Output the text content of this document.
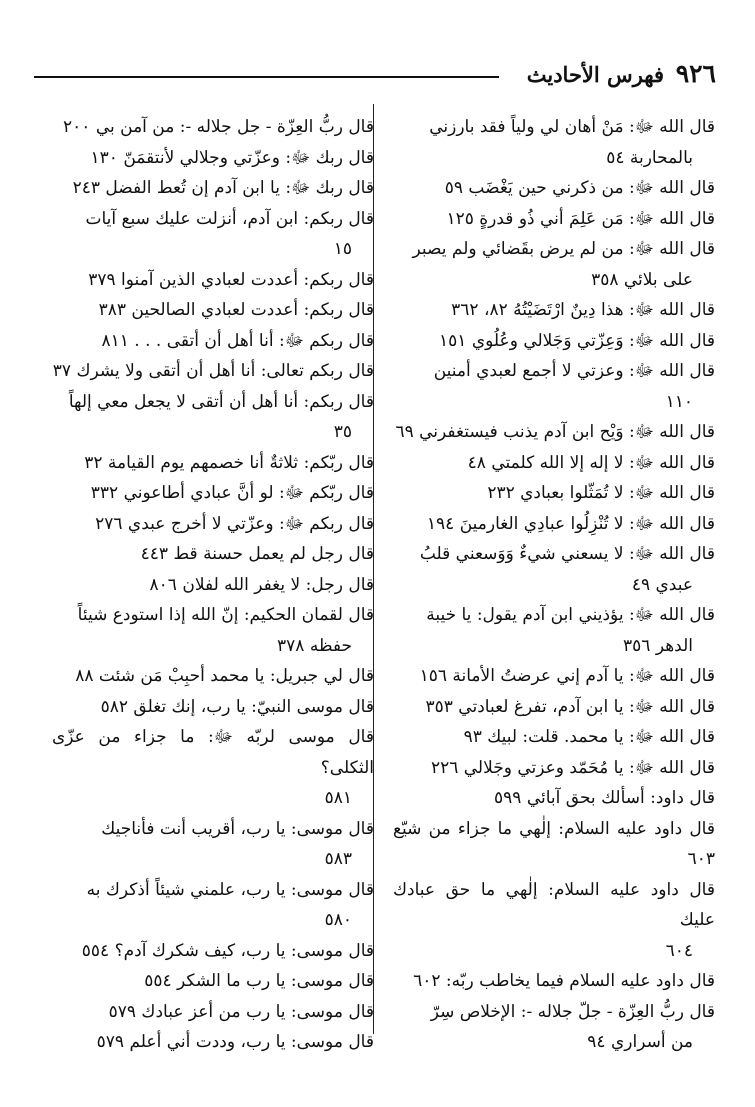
٩٢٦
فهرس الأحاديث
قال الله ﷻ: مَنْ أهان لي ولياً فقد بارزني
بالمحاربة ٥٤
قال الله ﷻ: من ذكرني حين يَغْضَب ٥٩
قال الله ﷻ: مَن عَلِمَ أني ذُو قدرةٍ ١٢٥
قال الله ﷻ: من لم يرض بقَضائي ولم يصبر
على بلائي ٣٥٨
قال الله ﷻ: هذا دِينٌ ارْتَضَيْتُهُ ٨٢، ٣٦٢
قال الله ﷻ: وَعِزّتي وَجَلالي وعُلُوي ١٥١
قال الله ﷻ: وعزتي لا أجمع لعبدي أمنين
١١٠
قال الله ﷻ: وَيْح ابن آدم يذنب فيستغفرني ٦٩
قال الله ﷻ: لا إله إلا الله كلمتي ٤٨
قال الله ﷻ: لا تُمَثّلوا بعبادي ٢٣٢
قال الله ﷻ: لا تُنْزِلُوا عبادِي الغارمينَ ١٩٤
قال الله ﷻ: لا يسعني شيءٌ وَوَسعني قلبُ
عبدي ٤٩
قال الله ﷻ: يؤذيني ابن آدم يقول: يا خيبة
الدهر ٣٥٦
قال الله ﷻ: يا آدم إني عرضتُ الأمانة ١٥٦
قال الله ﷻ: يا ابن آدم، تفرغ لعبادتي ٣٥٣
قال الله ﷻ: يا محمد. قلت: لبيك ٩٣
قال الله ﷻ: يا مُحَمّد وعزتي وجَلالي ٢٢٦
قال داود: أسألك بحق آبائي ٥٩٩
قال داود عليه السلام: إلٰهي ما جزاء من شيّع ٦٠٣
قال داود عليه السلام: إلٰهي ما حق عبادك عليك
٦٠٤
قال داود عليه السلام فيما يخاطب ربّه: ٦٠٢
قال ربُّ العِزّة - جلّ جلاله -: الإخلاص سِرّ
من أسراري ٩٤
قال ربُّ العِزّة - جل جلاله -: من آمن بي ٢٠٠
قال ربك ﷻ: وعزّتي وجلالي لأنتقمَنّ ١٣٠
قال ربك ﷻ: يا ابن آدم إن تُعط الفضل ٢٤٣
قال ربكم: ابن آدم، أنزلت عليك سبع آيات
١٥
قال ربكم: أعددت لعبادي الذين آمنوا ٣٧٩
قال ربكم: أعددت لعبادي الصالحين ٣٨٣
قال ربكم ﷻ: أنا أهل أن أتقى . . . ٨١١
قال ربكم تعالى: أنا أهل أن أتقى ولا يشرك ٣٧
قال ربكم: أنا أهل أن أتقى لا يجعل معي إلهاً
٣٥
قال ربّكم: ثلاثةٌ أنا خصمهم يوم القيامة ٣٢
قال ربّكم ﷻ: لو أنَّ عبادي أطاعوني ٣٣٢
قال ربكم ﷻ: وعزّتي لا أخرج عبدي ٢٧٦
قال رجل لم يعمل حسنة قط ٤٤٣
قال رجل: لا يغفر الله لفلان ٨٠٦
قال لقمان الحكيم: إنّ الله إذا استودع شيئاً
حفظه ٣٧٨
قال لي جبريل: يا محمد أحبِبْ مَن شئت ٨٨
قال موسى النبيّ: يا رب، إنك تغلق ٥٨٢
قال موسى لربّه ﷻ: ما جزاء من عزّى الثكلى؟
٥٨١
قال موسى: يا رب، أقريب أنت فأناجيك
٥٨٣
قال موسى: يا رب، علمني شيئاً أذكرك به
٥٨٠
قال موسى: يا رب، كيف شكرك آدم؟ ٥٥٤
قال موسى: يا رب ما الشكر ٥٥٤
قال موسى: يا رب من أعز عبادك ٥٧٩
قال موسى: يا رب، وددت أني أعلم ٥٧٩
